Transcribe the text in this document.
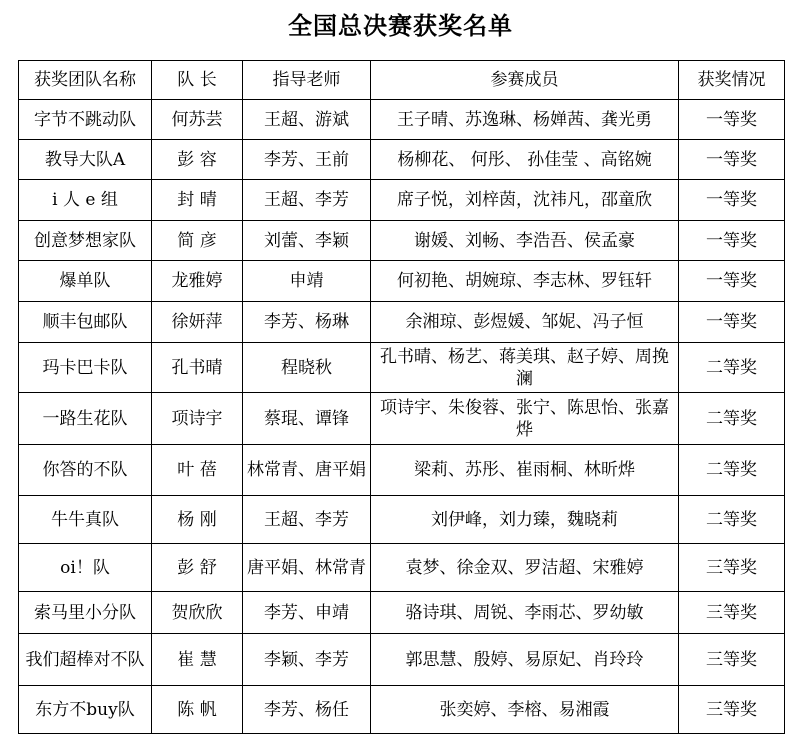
全国总决赛获奖名单
获奖团队名称	队 长	指导老师	参赛成员	获奖情况
字节不跳动队	何苏芸	王超、游斌	王子晴、苏逸琳、杨婵茜、龚光勇	一等奖
教导大队A	彭 容	李芳、王前	杨柳花、 何彤、 孙佳莹 、高铭婉	一等奖
i 人 e 组	封 晴	王超、李芳	席子悦，刘梓茵，沈祎凡，邵童欣	一等奖
创意梦想家队	简 彦	刘蕾、李颖	谢媛、刘畅、李浩吾、侯孟豪	一等奖
爆单队	龙雅婷	申靖	何初艳、胡婉琼、李志林、罗钰轩	一等奖
顺丰包邮队	徐妍萍	李芳、杨琳	余湘琼、彭煜媛、邹妮、冯子恒	一等奖
玛卡巴卡队	孔书晴	程晓秋	孔书晴、杨艺、蒋美琪、赵子婷、周挽澜	二等奖
一路生花队	项诗宇	蔡琨、谭锋	项诗宇、朱俊蓉、张宁、陈思怡、张嘉烨	二等奖
你答的不队	叶 蓓	林常青、唐平娟	梁莉、苏彤、崔雨桐、林昕烨	二等奖
牛牛真队	杨 刚	王超、李芳	刘伊峰，刘力臻，魏晓莉	二等奖
oi！队	彭 舒	唐平娟、林常青	袁梦、徐金双、罗洁超、宋雅婷	三等奖
索马里小分队	贺欣欣	李芳、申靖	骆诗琪、周锐、李雨芯、罗幼敏	三等奖
我们超棒对不队	崔 慧	李颖、李芳	郭思慧、殷婷、易原妃、肖玲玲	三等奖
东方不buy队	陈 帆	李芳、杨任	张奕婷、李榕、易湘霞	三等奖
